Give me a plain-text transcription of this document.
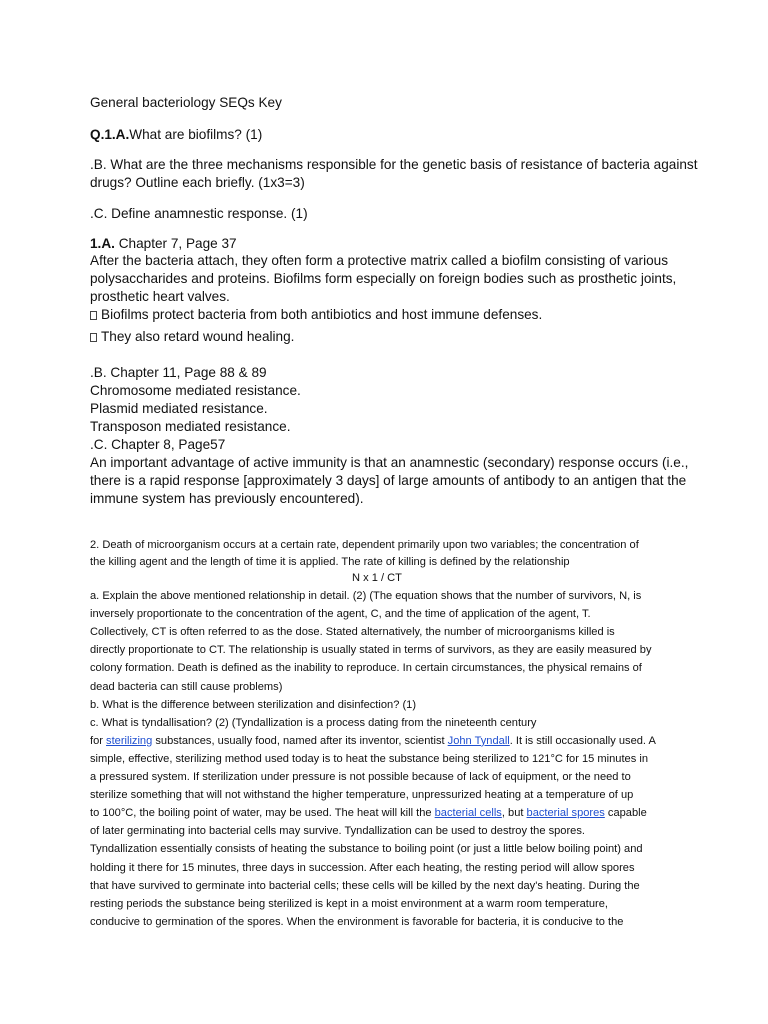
General bacteriology SEQs Key
Q.1.A.What are biofilms? (1)
.B. What are the three mechanisms responsible for the genetic basis of resistance of bacteria against
drugs? Outline each briefly. (1x3=3)
.C. Define anamnestic response. (1)
1.A. Chapter 7, Page 37
After the bacteria attach, they often form a protective matrix called a biofilm consisting of various
polysaccharides and proteins. Biofilms form especially on foreign bodies such as prosthetic joints,
prosthetic heart valves.
Biofilms protect bacteria from both antibiotics and host immune defenses.
They also retard wound healing.
.B. Chapter 11, Page 88 & 89
Chromosome mediated resistance.
Plasmid mediated resistance.
Transposon mediated resistance.
.C. Chapter 8, Page57
An important advantage of active immunity is that an anamnestic (secondary) response occurs (i.e.,
there is a rapid response [approximately 3 days] of large amounts of antibody to an antigen that the
immune system has previously encountered).
2. Death of microorganism occurs at a certain rate, dependent primarily upon two variables; the concentration of
the killing agent and the length of time it is applied. The rate of killing is defined by the relationship
N x 1 / CT
a. Explain the above mentioned relationship in detail. (2) (The equation shows that the number of survivors, N, is
inversely proportionate to the concentration of the agent, C, and the time of application of the agent, T.
Collectively, CT is often referred to as the dose. Stated alternatively, the number of microorganisms killed is
directly proportionate to CT. The relationship is usually stated in terms of survivors, as they are easily measured by
colony formation. Death is defined as the inability to reproduce. In certain circumstances, the physical remains of
dead bacteria can still cause problems)
b. What is the difference between sterilization and disinfection? (1)
c. What is tyndallisation? (2) (Tyndallization is a process dating from the nineteenth century
for sterilizing substances, usually food, named after its inventor, scientist John Tyndall. It is still occasionally used. A
simple, effective, sterilizing method used today is to heat the substance being sterilized to 121°C for 15 minutes in
a pressured system. If sterilization under pressure is not possible because of lack of equipment, or the need to
sterilize something that will not withstand the higher temperature, unpressurized heating at a temperature of up
to 100°C, the boiling point of water, may be used. The heat will kill the bacterial cells, but bacterial spores capable
of later germinating into bacterial cells may survive. Tyndallization can be used to destroy the spores.
Tyndallization essentially consists of heating the substance to boiling point (or just a little below boiling point) and
holding it there for 15 minutes, three days in succession. After each heating, the resting period will allow spores
that have survived to germinate into bacterial cells; these cells will be killed by the next day's heating. During the
resting periods the substance being sterilized is kept in a moist environment at a warm room temperature,
conducive to germination of the spores. When the environment is favorable for bacteria, it is conducive to the
